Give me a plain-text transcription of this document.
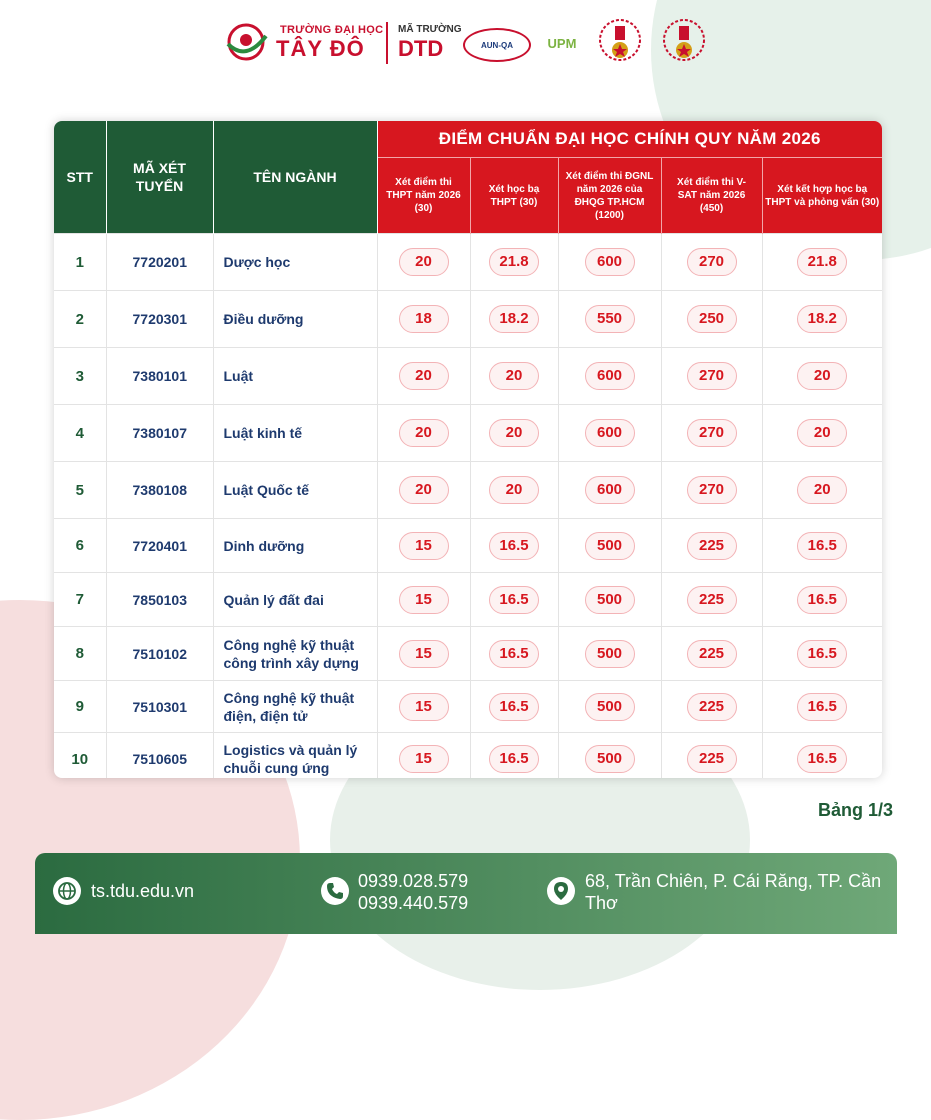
TRƯỜNG ĐẠI HỌC
TÂY ĐÔ
MÃ TRƯỜNG
DTD	AUN-QA	UPM
STT	MÃ XÉT TUYỂN	TÊN NGÀNH	ĐIỂM CHUẨN ĐẠI HỌC CHÍNH QUY NĂM 2026				
			Xét điểm thi THPT năm 2026 (30)	Xét học bạ THPT (30)	Xét điểm thi ĐGNL năm 2026 của ĐHQG TP.HCM (1200)	Xét điểm thi V-SAT năm 2026 (450)	Xét kết hợp học bạ THPT và phỏng vấn (30)
1	7720201	Dược học	20	21.8	600	270	21.8
2	7720301	Điều dưỡng	18	18.2	550	250	18.2
3	7380101	Luật	20	20	600	270	20
4	7380107	Luật kinh tế	20	20	600	270	20
5	7380108	Luật Quốc tế	20	20	600	270	20
6	7720401	Dinh dưỡng	15	16.5	500	225	16.5
7	7850103	Quản lý đất đai	15	16.5	500	225	16.5
8	7510102	Công nghệ kỹ thuật công trình xây dựng	15	16.5	500	225	16.5
9	7510301	Công nghệ kỹ thuật điện, điện tử	15	16.5	500	225	16.5
10	7510605	Logistics và quản lý chuỗi cung ứng	15	16.5	500	225	16.5
Bảng 1/3
ts.tdu.edu.vn	0939.028.579
0939.440.579
68, Trần Chiên, P. Cái Răng, TP. Cần Thơ
